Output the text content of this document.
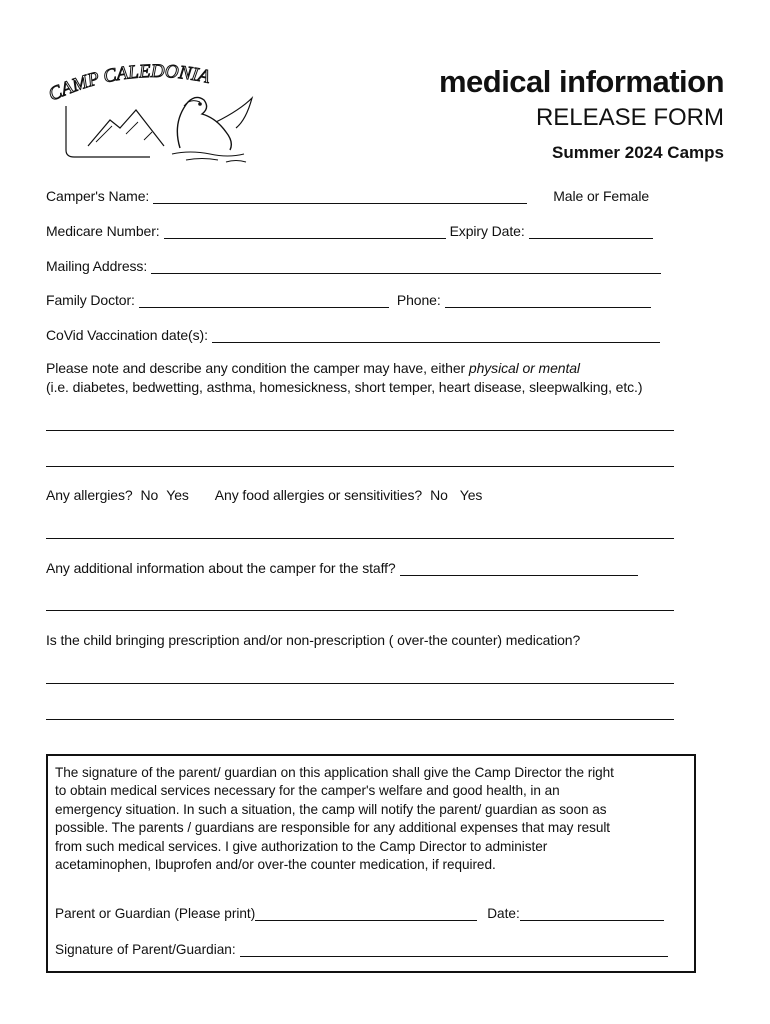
CAMP CALEDONIA	medical information
RELEASE FORM
Summer 2024 Camps
Camper's Name:	Male or Female
Medicare Number:	Expiry Date:
Mailing Address:
Family Doctor:	Phone:
CoVid Vaccination date(s):
Please note and describe any condition the camper may have, either physical or mental
(i.e. diabetes, bedwetting, asthma, homesickness, short temper, heart disease, sleepwalking, etc.)
Any allergies? No Yes Any food allergies or sensitivities? No Yes
Any additional information about the camper for the staff?
Is the child bringing prescription and/or non-prescription ( over-the counter) medication?
The signature of the parent/ guardian on this application shall give the Camp Director the right
to obtain medical services necessary for the camper's welfare and good health, in an
emergency situation. In such a situation, the camp will notify the parent/ guardian as soon as
possible. The parents / guardians are responsible for any additional expenses that may result
from such medical services. I give authorization to the Camp Director to administer
acetaminophen, Ibuprofen and/or over-the counter medication, if required.
Parent or Guardian (Please print)	Date:
Signature of Parent/Guardian:
